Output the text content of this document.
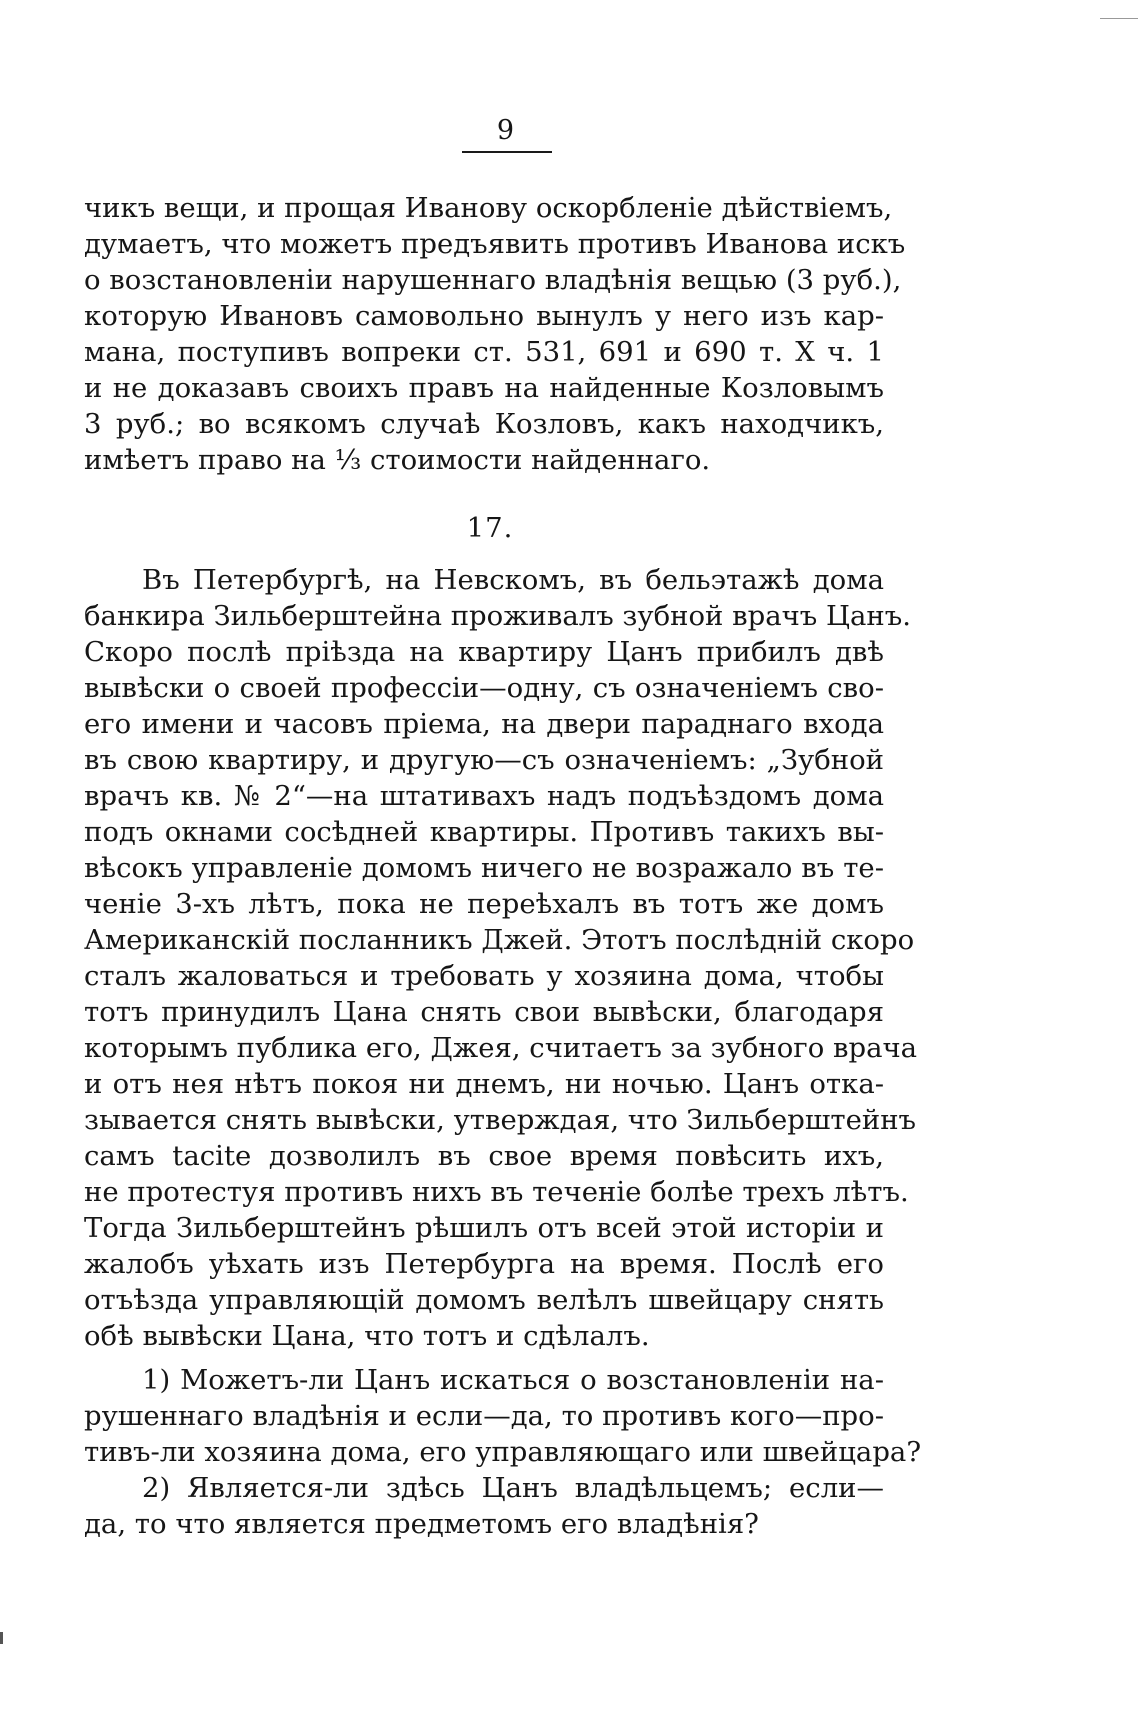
9
чикъ вещи, и прощая Иванову оскорбленіе дѣйствіемъ,
думаетъ, что можетъ предъявить противъ Иванова искъ
о возстановленіи нарушеннаго владѣнія вещью (3 руб.),
которую Ивановъ самовольно вынулъ у него изъ кар-
мана, поступивъ вопреки ст. 531, 691 и 690 т. X ч. 1
и не доказавъ своихъ правъ на найденные Козловымъ
3 руб.; во всякомъ случаѣ Козловъ, какъ находчикъ,
имѣетъ право на ⅓ стоимости найденнаго.
17.
Въ Петербургѣ, на Невскомъ, въ бельэтажѣ дома
банкира Зильберштейна проживалъ зубной врачъ Цанъ.
Скоро послѣ пріѣзда на квартиру Цанъ прибилъ двѣ
вывѣски о своей профессіи—одну, съ означеніемъ сво-
его имени и часовъ пріема, на двери параднаго входа
въ свою квартиру, и другую—съ означеніемъ: „Зубной
врачъ кв. № 2“—на штативахъ надъ подъѣздомъ дома
подъ окнами сосѣдней квартиры. Противъ такихъ вы-
вѣсокъ управленіе домомъ ничего не возражало въ те-
ченіе 3-хъ лѣтъ, пока не переѣхалъ въ тотъ же домъ
Американскій посланникъ Джей. Этотъ послѣдній скоро
сталъ жаловаться и требовать у хозяина дома, чтобы
тотъ принудилъ Цана снять свои вывѣски, благодаря
которымъ публика его, Джея, считаетъ за зубного врача
и отъ нея нѣтъ покоя ни днемъ, ни ночью. Цанъ отка-
зывается снять вывѣски, утверждая, что Зильберштейнъ
самъ tacite дозволилъ въ свое время повѣсить ихъ,
не протестуя противъ нихъ въ теченіе болѣе трехъ лѣтъ.
Тогда Зильберштейнъ рѣшилъ отъ всей этой исторіи и
жалобъ уѣхать изъ Петербурга на время. Послѣ его
отъѣзда управляющій домомъ велѣлъ швейцару снять
обѣ вывѣски Цана, что тотъ и сдѣлалъ.
1) Можетъ-ли Цанъ искаться о возстановленіи на-
рушеннаго владѣнія и если—да, то противъ кого—про-
тивъ-ли хозяина дома, его управляющаго или швейцара?
2) Является-ли здѣсь Цанъ владѣльцемъ; если—
да, то что является предметомъ его владѣнія?
